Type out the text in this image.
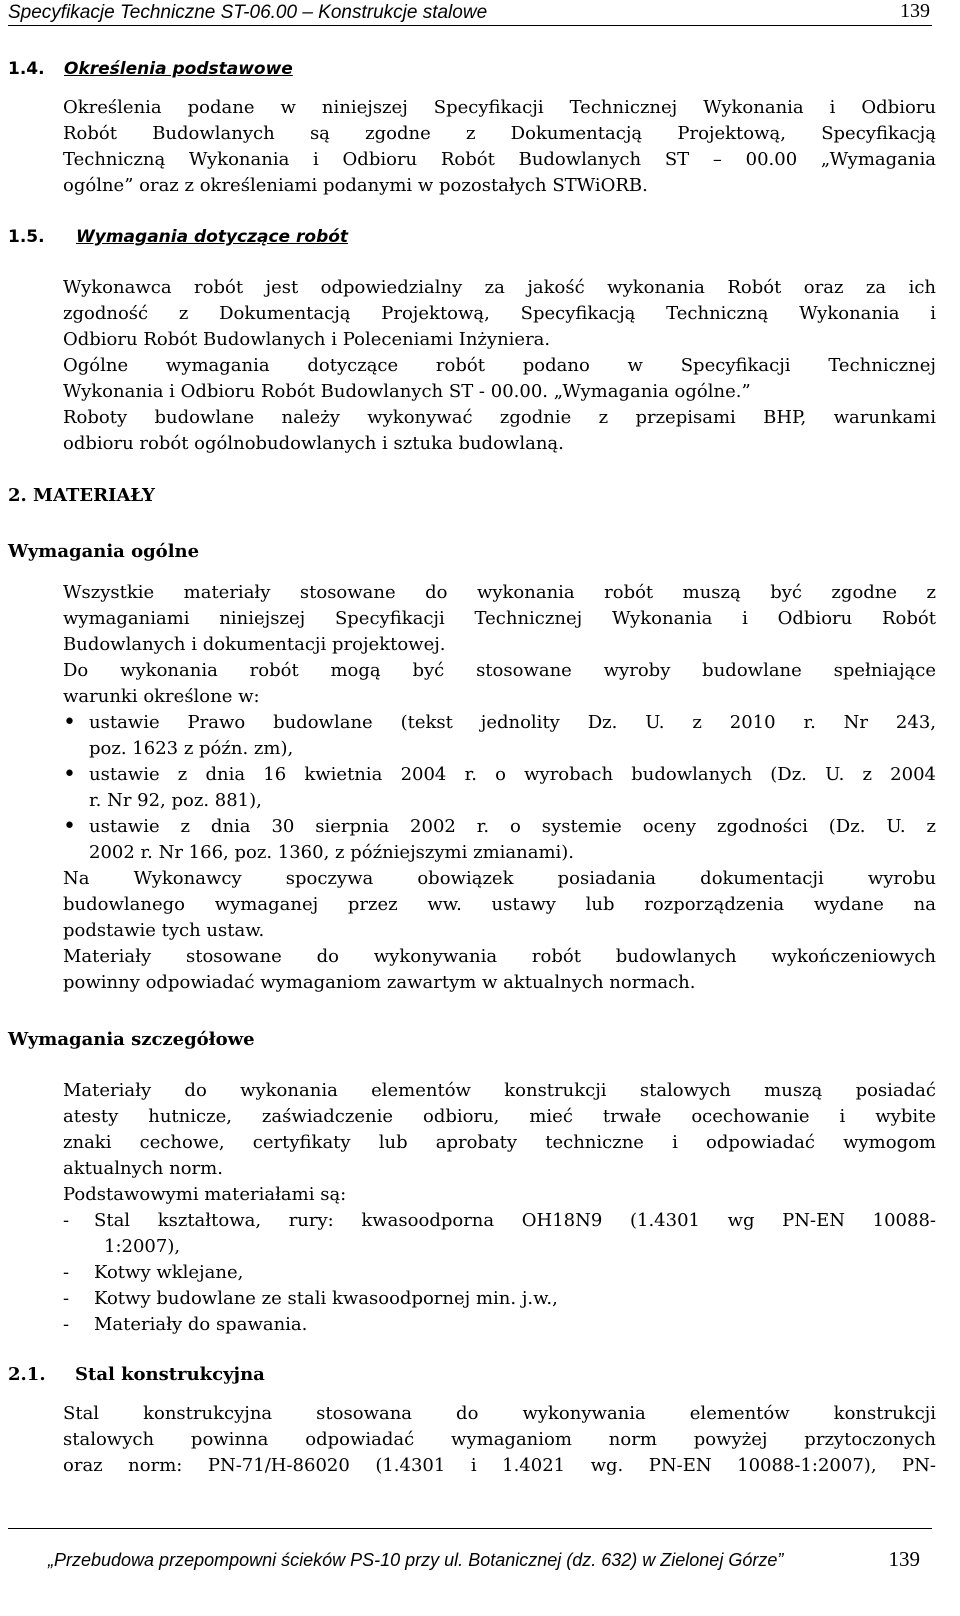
Specyfikacje Techniczne ST-06.00 – Konstrukcje stalowe	139
1.4. Określenia podstawowe
Określenia podane w niniejszej Specyfikacji Technicznej Wykonania i Odbioru
Robót Budowlanych są zgodne z Dokumentacją Projektową, Specyfikacją
Techniczną Wykonania i Odbioru Robót Budowlanych ST – 00.00 „Wymagania
ogólne” oraz z określeniami podanymi w pozostałych STWiORB.
1.5. Wymagania dotyczące robót
Wykonawca robót jest odpowiedzialny za jakość wykonania Robót oraz za ich
zgodność z Dokumentacją Projektową, Specyfikacją Techniczną Wykonania i
Odbioru Robót Budowlanych i Poleceniami Inżyniera.
Ogólne wymagania dotyczące robót podano w Specyfikacji Technicznej
Wykonania i Odbioru Robót Budowlanych ST - 00.00. „Wymagania ogólne.”
Roboty budowlane należy wykonywać zgodnie z przepisami BHP, warunkami
odbioru robót ogólnobudowlanych i sztuka budowlaną.
2. MATERIAŁY
Wymagania ogólne
Wszystkie materiały stosowane do wykonania robót muszą być zgodne z
wymaganiami niniejszej Specyfikacji Technicznej Wykonania i Odbioru Robót
Budowlanych i dokumentacji projektowej.
Do wykonania robót mogą być stosowane wyroby budowlane spełniające
warunki określone w:
• ustawie Prawo budowlane (tekst jednolity Dz. U. z 2010 r. Nr 243,
poz. 1623 z późn. zm),
• ustawie z dnia 16 kwietnia 2004 r. o wyrobach budowlanych (Dz. U. z 2004
r. Nr 92, poz. 881),
• ustawie z dnia 30 sierpnia 2002 r. o systemie oceny zgodności (Dz. U. z
2002 r. Nr 166, poz. 1360, z późniejszymi zmianami).
Na Wykonawcy spoczywa obowiązek posiadania dokumentacji wyrobu
budowlanego wymaganej przez ww. ustawy lub rozporządzenia wydane na
podstawie tych ustaw.
Materiały stosowane do wykonywania robót budowlanych wykończeniowych
powinny odpowiadać wymaganiom zawartym w aktualnych normach.
Wymagania szczegółowe
Materiały do wykonania elementów konstrukcji stalowych muszą posiadać
atesty hutnicze, zaświadczenie odbioru, mieć trwałe ocechowanie i wybite
znaki cechowe, certyfikaty lub aprobaty techniczne i odpowiadać wymogom
aktualnych norm.
Podstawowymi materiałami są:
- Stal kształtowa, rury: kwasoodporna OH18N9 (1.4301 wg PN-EN 10088-
1:2007),
- Kotwy wklejane,
- Kotwy budowlane ze stali kwasoodpornej min. j.w.,
- Materiały do spawania.
2.1. Stal konstrukcyjna
Stal konstrukcyjna stosowana do wykonywania elementów konstrukcji
stalowych powinna odpowiadać wymaganiom norm powyżej przytoczonych
oraz norm: PN-71/H-86020 (1.4301 i 1.4021 wg. PN-EN 10088-1:2007), PN-
„Przebudowa przepompowni ścieków PS-10 przy ul. Botanicznej (dz. 632) w Zielonej Górze”	139
